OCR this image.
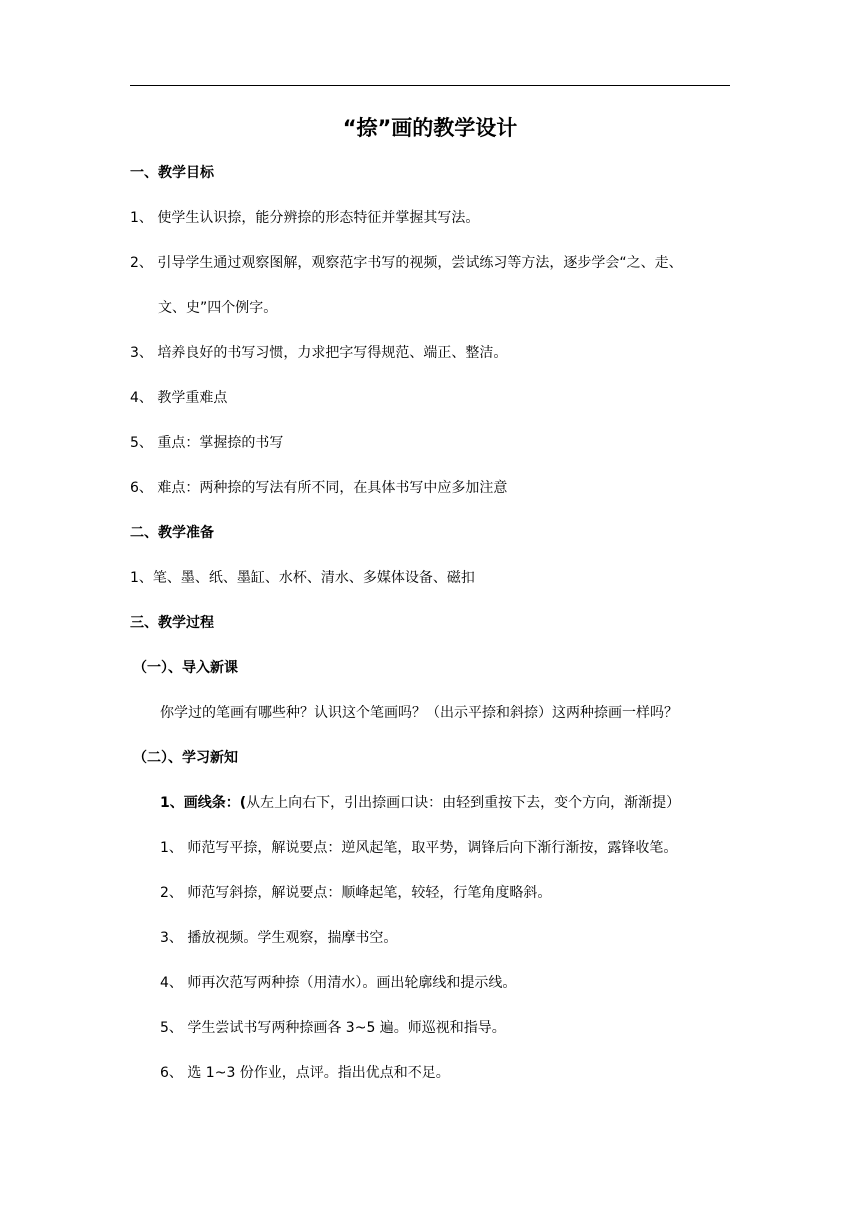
“捺”画的教学设计
一、教学目标
1、 使学生认识捺，能分辨捺的形态特征并掌握其写法。
2、 引导学生通过观察图解，观察范字书写的视频，尝试练习等方法，逐步学会“之、走、
文、史”四个例字。
3、 培养良好的书写习惯，力求把字写得规范、端正、整洁。
4、 教学重难点
5、 重点：掌握捺的书写
6、 难点：两种捺的写法有所不同，在具体书写中应多加注意
二、教学准备
1、笔、墨、纸、墨缸、水杯、清水、多媒体设备、磁扣
三、教学过程
（一）、导入新课
你学过的笔画有哪些种？认识这个笔画吗？（出示平捺和斜捺）这两种捺画一样吗？
（二）、学习新知
1、画线条：(从左上向右下，引出捺画口诀：由轻到重按下去，变个方向，渐渐提）
1、 师范写平捺，解说要点：逆风起笔，取平势，调锋后向下渐行渐按，露锋收笔。
2、 师范写斜捺，解说要点：顺峰起笔，较轻，行笔角度略斜。
3、 播放视频。学生观察，揣摩书空。
4、 师再次范写两种捺（用清水）。画出轮廓线和提示线。
5、 学生尝试书写两种捺画各 3~5 遍。师巡视和指导。
6、 选 1~3 份作业，点评。指出优点和不足。
